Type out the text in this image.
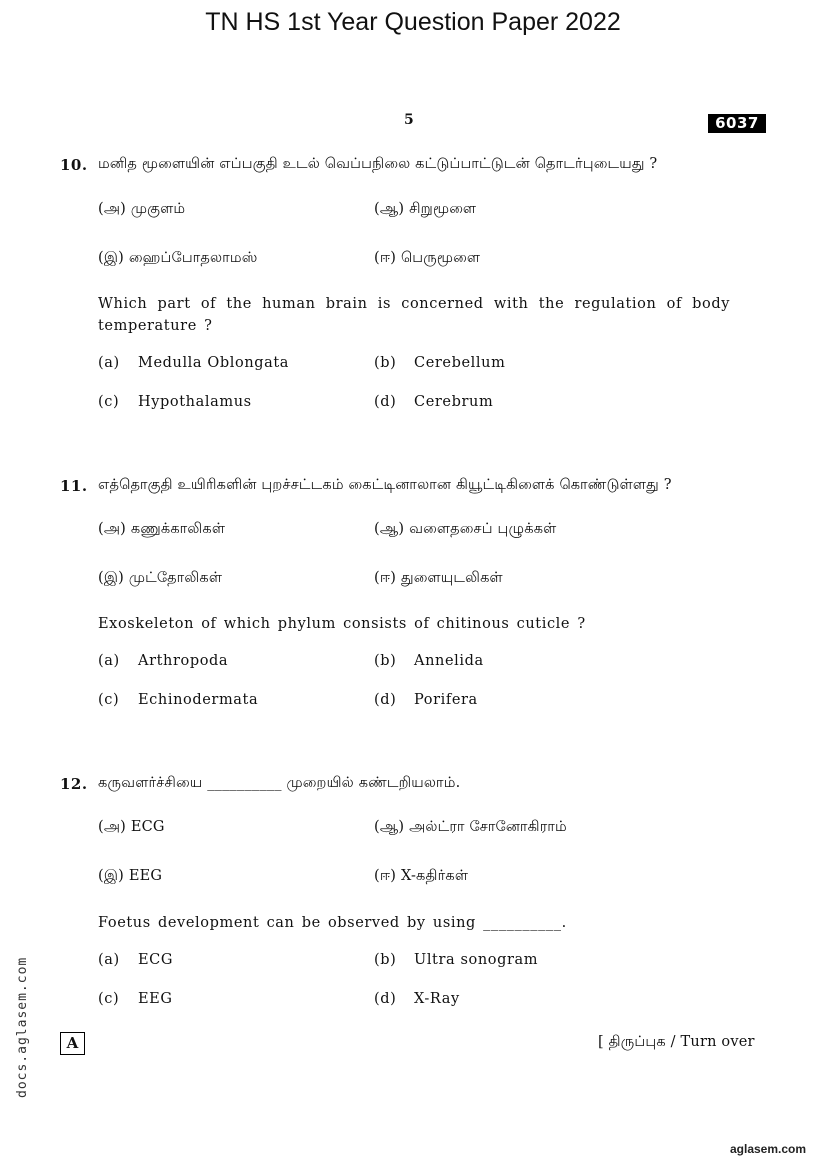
TN HS 1st Year Question Paper 2022
5	6037
10. மனித மூளையின் எப்பகுதி உடல் வெப்பநிலை கட்டுப்பாட்டுடன் தொடர்புடையது ?
(அ) முகுளம்	(ஆ) சிறுமூளை
(இ) ஹைப்போதலாமஸ்	(ஈ) பெருமூளை
Which part of the human brain is concerned with the regulation of body temperature ?
(a) Medulla Oblongata	(b) Cerebellum
(c) Hypothalamus	(d) Cerebrum
11. எத்தொகுதி உயிரிகளின் புறச்சட்டகம் கைட்டினாலான கியூட்டிகிளைக் கொண்டுள்ளது ?
(அ) கணுக்காலிகள்	(ஆ) வளைதசைப் புழுக்கள்
(இ) முட்தோலிகள்	(ஈ) துளையுடலிகள்
Exoskeleton of which phylum consists of chitinous cuticle ?
(a) Arthropoda	(b) Annelida
(c) Echinodermata	(d) Porifera
12. கருவளர்ச்சியை __________ முறையில் கண்டறியலாம்.
(அ) ECG	(ஆ) அல்ட்ரா சோனோகிராம்
(இ) EEG	(ஈ) X-கதிர்கள்
Foetus development can be observed by using __________.
(a) ECG	(b) Ultra sonogram
(c) EEG	(d) X-Ray
A	[ திருப்புக / Turn over
docs.aglasem.com
aglasem.com
